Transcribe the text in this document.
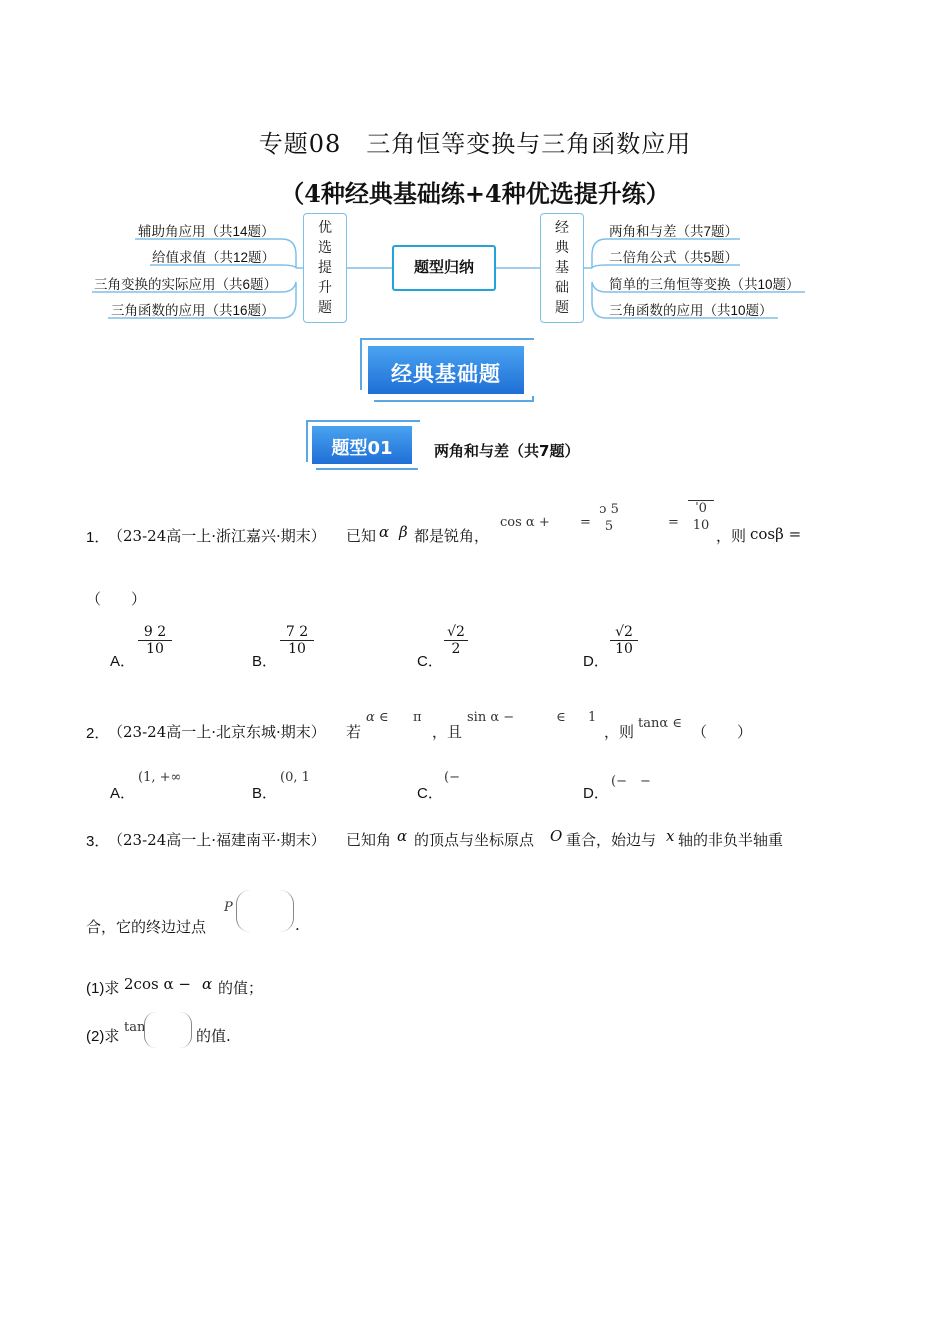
专题08　三角恒等变换与三角函数应用
（4种经典基础练+4种优选提升练）
辅助角应用（共14题）
给值求值（共12题）
三角变换的实际应用（共6题）
三角函数的应用（共16题）
优
选
提
升
题
题型归纳
经
典
基
础
题
两角和与差（共7题）
二倍角公式（共5题）
简单的三角恒等变换（共10题）
三角函数的应用（共10题）
经典基础题
题型01	两角和与差（共7题）
1．
（23-24高一上·浙江嘉兴·期末） 已知 α β 都是锐角，
cos α + =
ɔ 5
5	=
ˈ0
10
，则 cosβ =
（　　）
A．
$\frac{9 2}{10}$
B．
$\frac{7 2}{10}$
C．
$\frac{√2}{2}$
D．
$\frac{√2}{10}$
2．
（23-24高一上·北京东城·期末） 若
α ∈ π
，且
sin α −	∈ 1
，则 tanα ∈ （　　）
A．
(1, +∞
B．
(0, 1
C．
(−
D．
(−　−
3．
（23-24高一上·福建南平·期末） 已知角 α 的顶点与坐标原点 O 重合，始边与 x 轴的非负半轴重
合，它的终边过点
P
.
(1)求 2cos α − α 的值；
(2)求
tan	的值.
